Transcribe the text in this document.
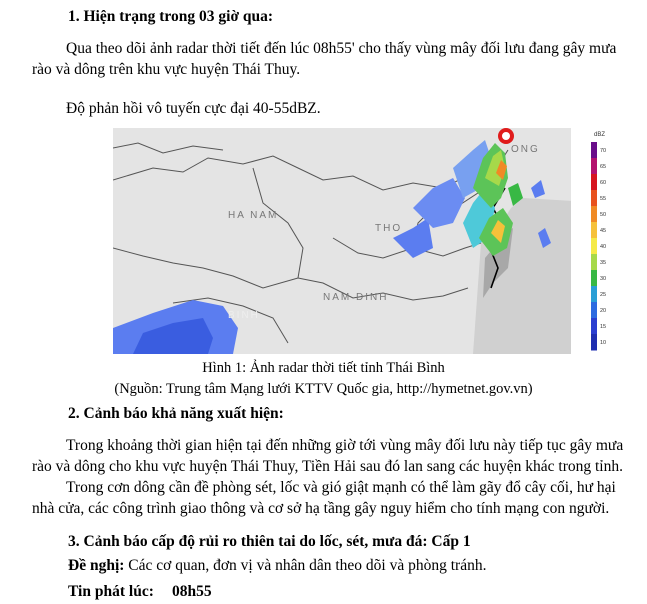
1. Hiện trạng trong 03 giờ qua:
Qua theo dõi ảnh radar thời tiết đến lúc 08h55' cho thấy vùng mây đối lưu đang gây mưa
rào và dông trên khu vực huyện Thái Thuy.
Độ phản hồi vô tuyến cực đại 40-55dBZ.
HA NAM
NAM DINH
BINH
THO
ONG
dBZ
70
65
60
55
50
45
40
35
30
25
20
15
10
Hình 1: Ảnh radar thời tiết tỉnh Thái Bình
(Nguồn: Trung tâm Mạng lưới KTTV Quốc gia, http://hymetnet.gov.vn)
2. Cảnh báo khả năng xuất hiện:
Trong khoảng thời gian hiện tại đến những giờ tới vùng mây đối lưu này tiếp tục gây mưa
rào và dông cho khu vực huyện Thái Thuy, Tiền Hải sau đó lan sang các huyện khác trong tỉnh.
Trong cơn dông cần đề phòng sét, lốc và gió giật mạnh có thể làm gãy đổ cây cối, hư hại
nhà cửa, các công trình giao thông và cơ sở hạ tầng gây nguy hiểm cho tính mạng con người.
3. Cảnh báo cấp độ rủi ro thiên tai do lốc, sét, mưa đá: Cấp 1
Đề nghị: Các cơ quan, đơn vị và nhân dân theo dõi và phòng tránh.
Tin phát lúc: 08h55
